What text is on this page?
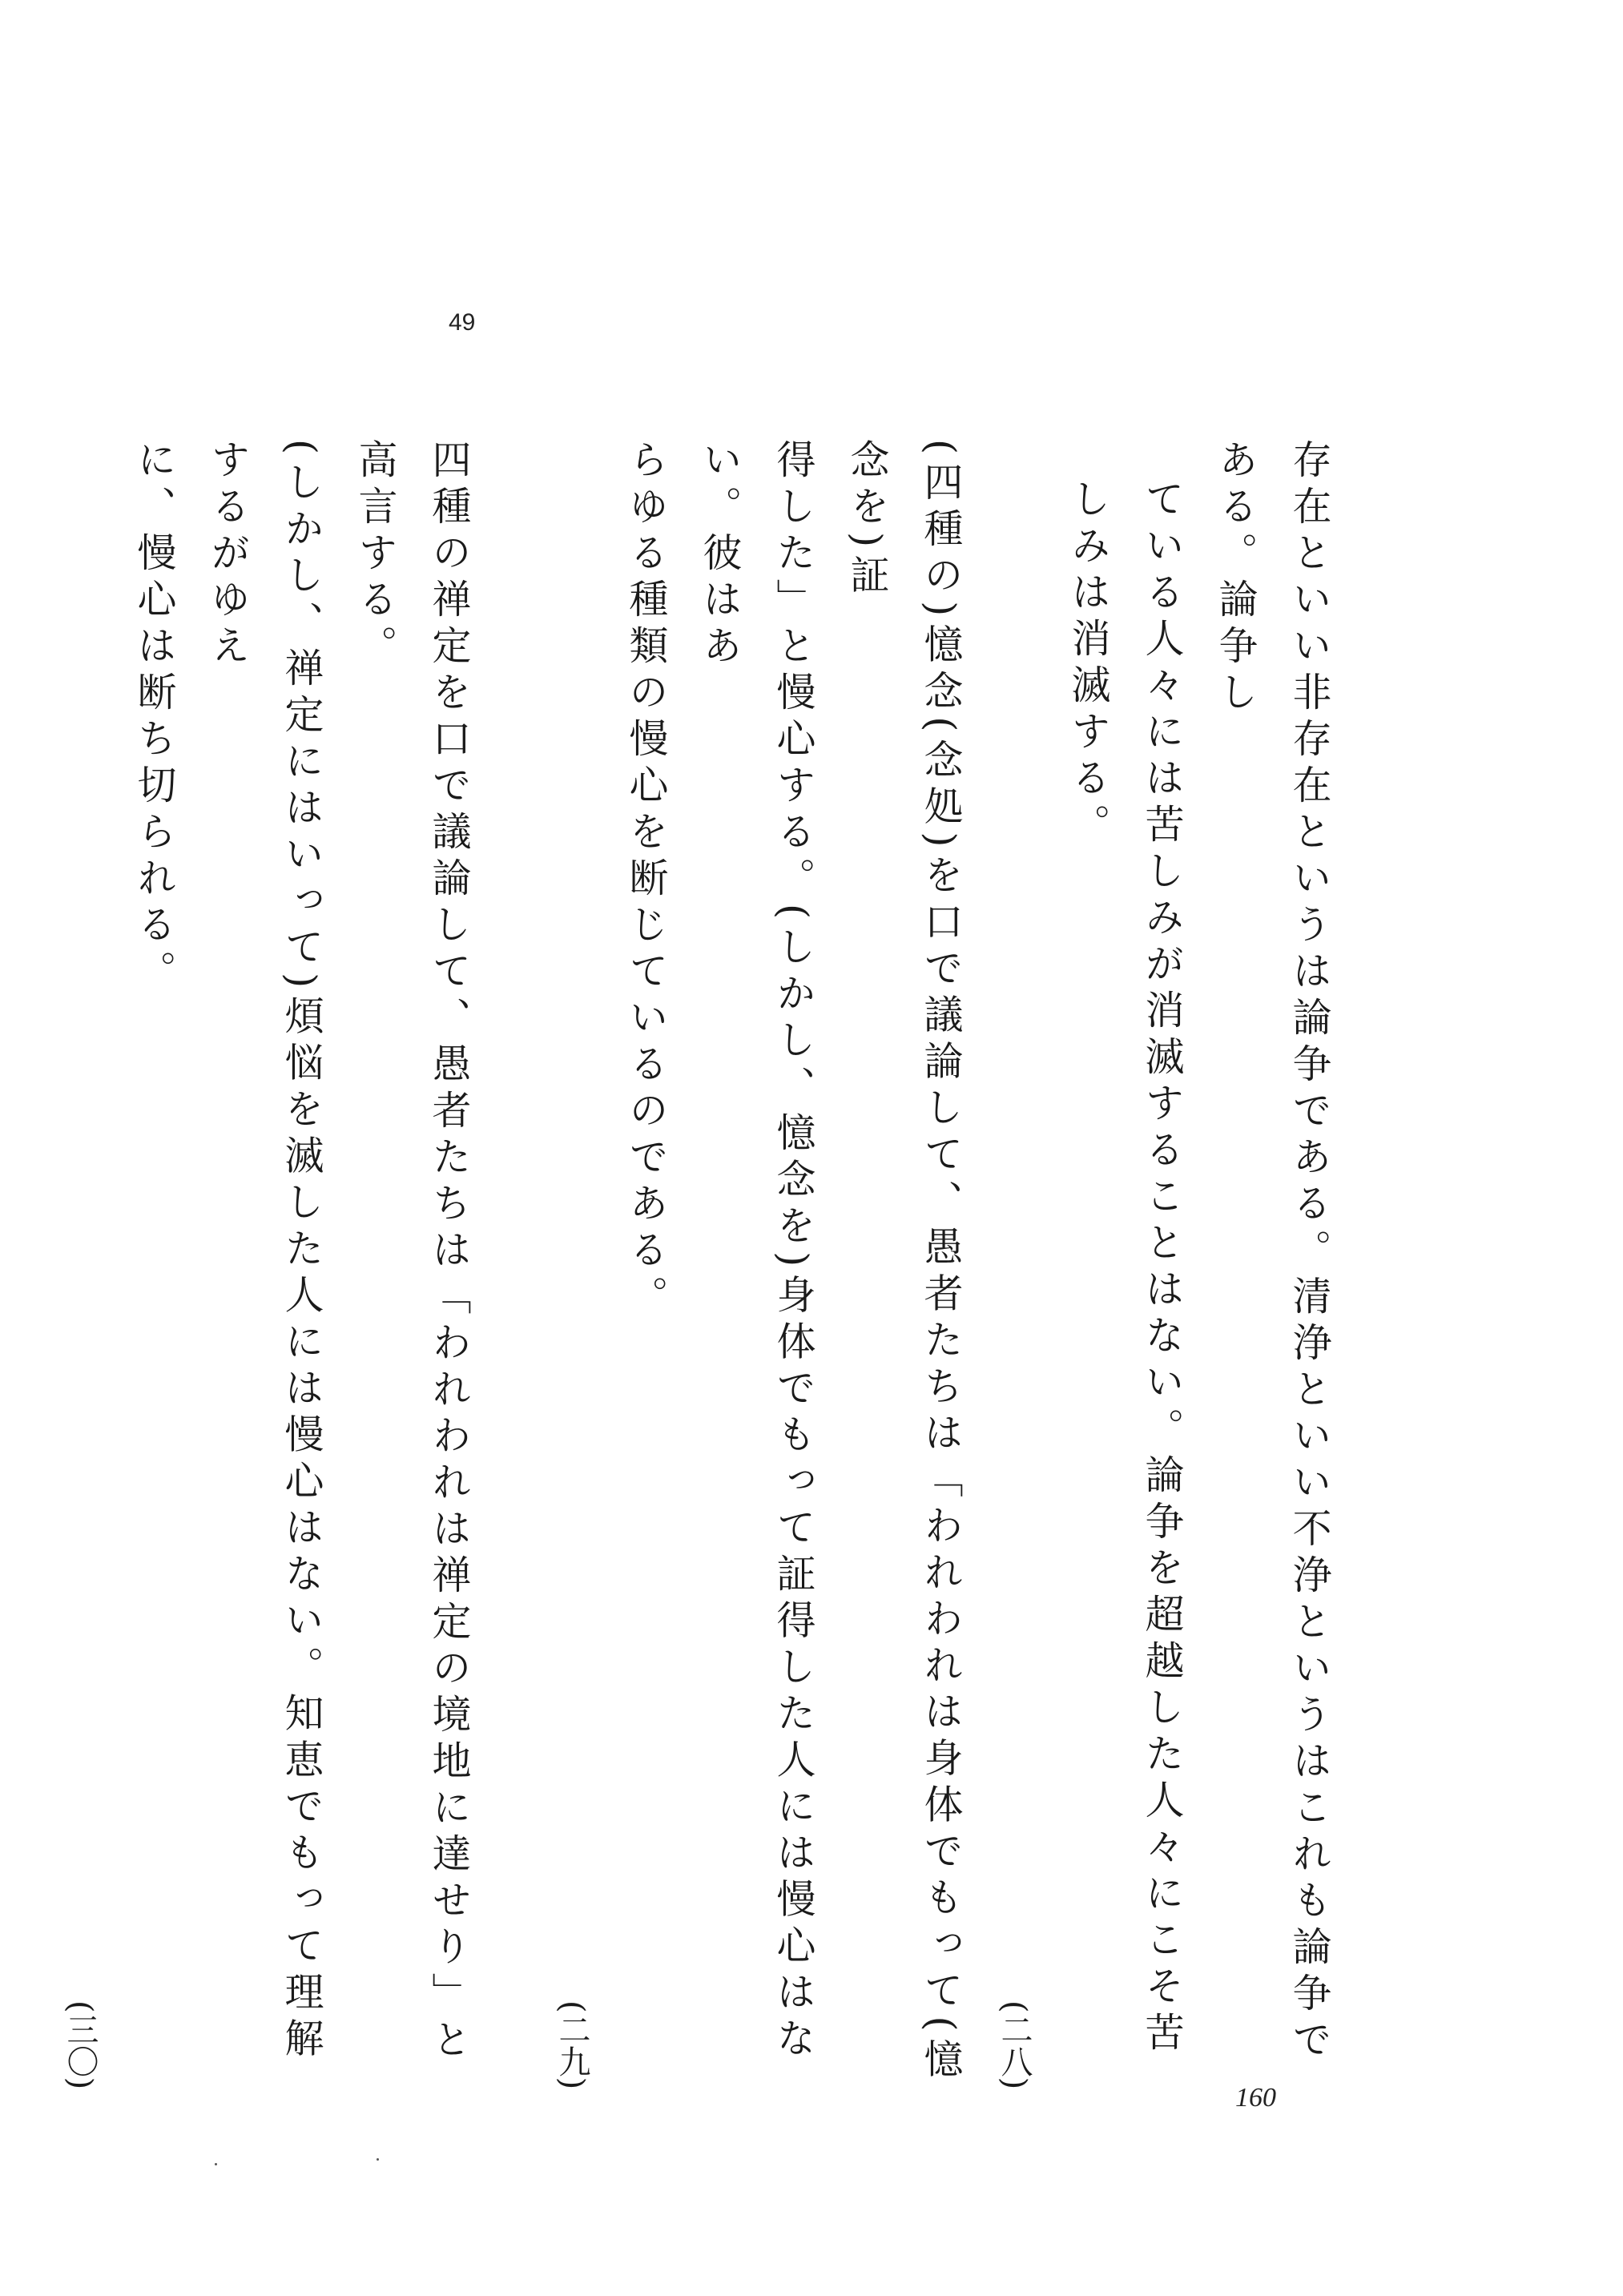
49
存在といい非存在というは論争である。清浄といい不浄というはこれも論争である。論争し
ている人々には苦しみが消滅することはない。論争を超越した人々にこそ苦しみは消滅する。
(二八)
(四種の)憶念(念処)を口で議論して、愚者たちは「われわれは身体でもって(憶念を)証
得した」と慢心する。(しかし、憶念を)身体でもって証得した人には慢心はない。彼はあ
らゆる種類の慢心を断じているのである。
(二九)
四種の禅定を口で議論して、愚者たちは「われわれは禅定の境地に達せり」と高言する。
(しかし、禅定にはいって)煩悩を滅した人には慢心はない。知恵でもって理解するがゆえ
に、慢心は断ち切られる。
(三〇)
160
